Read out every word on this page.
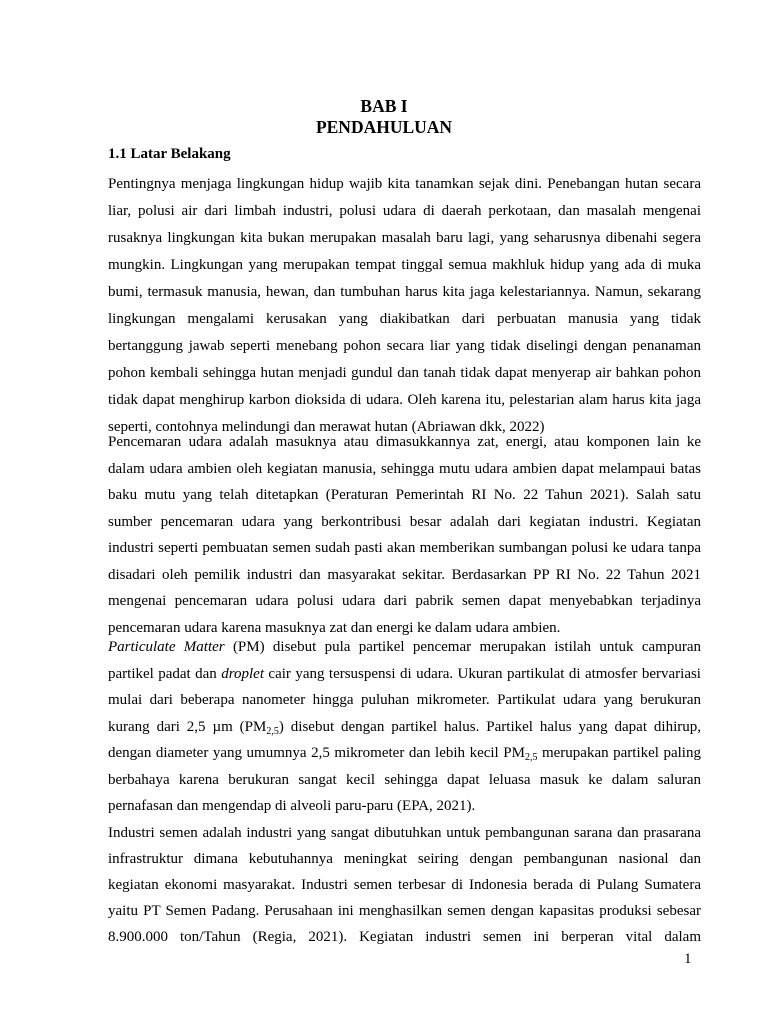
BAB I
PENDAHULUAN
1.1 Latar Belakang

Pentingnya menjaga lingkungan hidup wajib kita tanamkan sejak dini. Penebangan hutan secara
liar, polusi air dari limbah industri, polusi udara di daerah perkotaan, dan masalah mengenai
rusaknya lingkungan kita bukan merupakan masalah baru lagi, yang seharusnya dibenahi segera
mungkin. Lingkungan yang merupakan tempat tinggal semua makhluk hidup yang ada di muka
bumi, termasuk manusia, hewan, dan tumbuhan harus kita jaga kelestariannya. Namun, sekarang
lingkungan mengalami kerusakan yang diakibatkan dari perbuatan manusia yang tidak
bertanggung jawab seperti menebang pohon secara liar yang tidak diselingi dengan penanaman
pohon kembali sehingga hutan menjadi gundul dan tanah tidak dapat menyerap air bahkan pohon
tidak dapat menghirup karbon dioksida di udara. Oleh karena itu, pelestarian alam harus kita jaga
seperti, contohnya melindungi dan merawat hutan (Abriawan dkk, 2022)

Pencemaran udara adalah masuknya atau dimasukkannya zat, energi, atau komponen lain ke
dalam udara ambien oleh kegiatan manusia, sehingga mutu udara ambien dapat melampaui batas
baku mutu yang telah ditetapkan (Peraturan Pemerintah RI No. 22 Tahun 2021). Salah satu
sumber pencemaran udara yang berkontribusi besar adalah dari kegiatan industri. Kegiatan
industri seperti pembuatan semen sudah pasti akan memberikan sumbangan polusi ke udara tanpa
disadari oleh pemilik industri dan masyarakat sekitar. Berdasarkan PP RI No. 22 Tahun 2021
mengenai pencemaran udara polusi udara dari pabrik semen dapat menyebabkan terjadinya
pencemaran udara karena masuknya zat dan energi ke dalam udara ambien.

Particulate Matter (PM) disebut pula partikel pencemar merupakan istilah untuk campuran
partikel padat dan droplet cair yang tersuspensi di udara. Ukuran partikulat di atmosfer bervariasi
mulai dari beberapa nanometer hingga puluhan mikrometer. Partikulat udara yang berukuran
kurang dari 2,5 µm $(PM_{2,5})$ disebut dengan partikel halus. Partikel halus yang dapat dihirup,
dengan diameter yang umumnya 2,5 mikrometer dan lebih kecil $PM_{2,5}$ merupakan partikel paling
berbahaya karena berukuran sangat kecil sehingga dapat leluasa masuk ke dalam saluran
pernafasan dan mengendap di alveoli paru-paru (EPA, 2021).

Industri semen adalah industri yang sangat dibutuhkan untuk pembangunan sarana dan prasarana
infrastruktur dimana kebutuhannya meningkat seiring dengan pembangunan nasional dan
kegiatan ekonomi masyarakat. Industri semen terbesar di Indonesia berada di Pulang Sumatera
yaitu PT Semen Padang. Perusahaan ini menghasilkan semen dengan kapasitas produksi sebesar
8.900.000 ton/Tahun (Regia, 2021). Kegiatan industri semen ini berperan vital dalam

1
